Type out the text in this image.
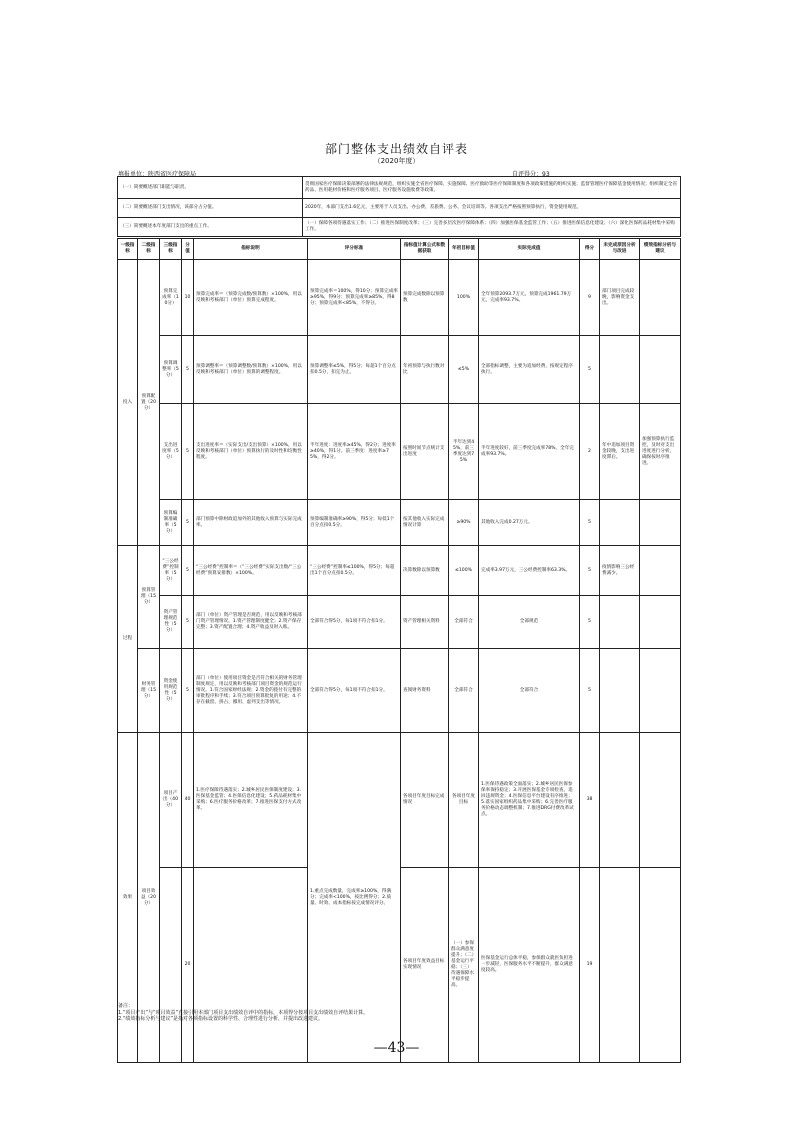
部门整体支出绩效自评表
（2020年度）
填报单位：陕西省医疗保障局	自评得分：93
（一）简要概述部门职能与职责。	贯彻国家医疗保障决策部署的法律法规规范，组织实施全省医疗保障，实施保障、医疗救助等医疗保障制度和各项政策措施的组织实施；监督管理医疗保障基金使用情况；组织制定全省药品、医用耗材价格和医疗服务项目、医疗服务设施收费等政策。
（二）简要概述部门支出情况，该部分占分值。	2020年，本部门支出1.6亿元，主要用于人员支出、办公费、差旅费、公务、会议培训等。各项支出严格按照预算执行，资金使用规范。
（三）简要概述本年度部门支出的重点工作。	（一）保障各项待遇落实工作；（二）推进医保制度改革；（三）完善多层次医疗保障体系；（四）加强医保基金监管工作；（五）推进医保信息化建设；（六）深化医保药品耗材集中采购工作。
一级指标	二级指标	三级指标	分值	指标说明	评分标准	指标值计算公式和数据获取	年初目标值	实际完成值	得分	未完成原因分析与改进	绩效指标分析与建议
投入	预算配置（20分）	预算完成率（10分）	10	预算完成率＝（预算完成数/预算数）×100%，用以反映和考核部门（单位）预算完成程度。	预算完成率＝100%，得10分；预算完成率≥95%，得9分；预算完成率≥85%，得8分；预算完成率<85%，不得分。	预算完成数除以预算数	100%	全年预算2093.7万元，预算完成1961.79万元，完成率93.7%。	9	部门项目完成较晚，影响资金支出。	
		预算调整率（5分）	5	预算调整率＝（预算调整数/预算数）×100%，用以反映和考核部门（单位）预算的调整程度。	预算调整率≤5%，得5分；每超1个百分点扣0.5分，扣完为止。	年初预算与执行数对比	≤5%	全部指标调整，主要为追加经费，按规定程序执行。	5		
		支出进度率（5分）	5	支出进度率＝（实际支出/支出预算）×100%，用以反映和考核部门（单位）预算执行的及时性和均衡性程度。	半年进度：进度率≥45%，得2分；进度率≥40%，得1分。前三季度：进度率≥75%，得2分。	按照时间节点统计支出进度	半年达到45%，前三季度达到75%	半年进度较好，前三季度完成率78%，全年完成率93.7%。	2	年中追加项目资金较晚，支出进度滞后。	加强预算执行监控，及时对支出进度进行分析，确保按时序推进。
		预算编制准确率（5分）	5	部门预算中除财政追加外的其他收入预算与实际完成率。	预算编制准确率≥90%，得5分；每低1个百分点扣0.5分。	按其他收入实际完成情况计算	≥90%	其他收入完成0.27万元。	5		
过程	预算管理（15分）	“三公经费”控制率（5分）	5	“三公经费”控制率＝（“三公经费”实际支出数/“三公经费”预算安排数）×100%。	“三公经费”控制率≤100%，得5分；每超出1个百分点扣0.5分。	决算数除以预算数	≤100%	完成率3.97万元，三公经费控制率63.3%。	5	疫情影响三公经费减少。	
		资产管理规范性（5分）	5	部门（单位）资产管理是否规范，用以反映和考核部门资产管理情况。1.资产管理制度健全；2.资产保存完整；3.资产配置合理；4.资产收益及时入账。	全部符合得5分，每1项不符合扣1分。	资产管理相关资料	全部符合	全部规范	5		
	财务管理（15分）	资金使用规范性（5分）	5	部门（单位）使用项目资金是否符合相关的财务管理制度规定，用以反映和考核部门项目资金的规范运行情况。1.符合国家财经法规；2.资金的拨付有完整的审批程序和手续；3.符合项目预算批复的用途；4.不存在截留、挤占、挪用、虚列支出等情况。	全部符合得5分，每1项不符合扣1分。	查阅财务资料	全部符合	全部符合	5		
效果	项目效益（20分）	项目产出（40分）	40	1.医疗保障待遇落实；2.城乡居民医保制度建设；3.医保基金监管；4.医保信息化建设；5.药品耗材集中采购；6.医疗服务价格改革；7.推进医保支付方式改革。	1.重点完成数量，完成率≥100%，得满分；完成率<100%，按比例得分；2.质量、时效、成本指标按完成情况评分。	各项目年度目标完成情况	各项目年度目标	1.医保待遇政策全面落实；2.城乡居民医保参保率保持稳定；3.开展医保基金专项检查，追回违规资金；4.医保信息平台建设有序推进；5.落实国家组织药品集中采购；6.完善医疗服务价格动态调整机制；7.推进DRG付费改革试点。	38		
			20			各项目年度效益目标实现情况	（一）参保群众满意度提升；（二）基金运行平稳；（三）待遇保障水平稳步提高。	医保基金运行总体平稳，参保群众就医负担进一步减轻，医保服务水平不断提升，群众满意度较高。	19		
备注：
1.“项目产出”与“项目效益”直接引用本部门项目支出绩效自评中的指标，本项得分按项目支出绩效自评结果计算。
2.“绩效指标分析与建议”是指对各项指标设置的科学性、合理性进行分析，并提出改进建议。
—43—
